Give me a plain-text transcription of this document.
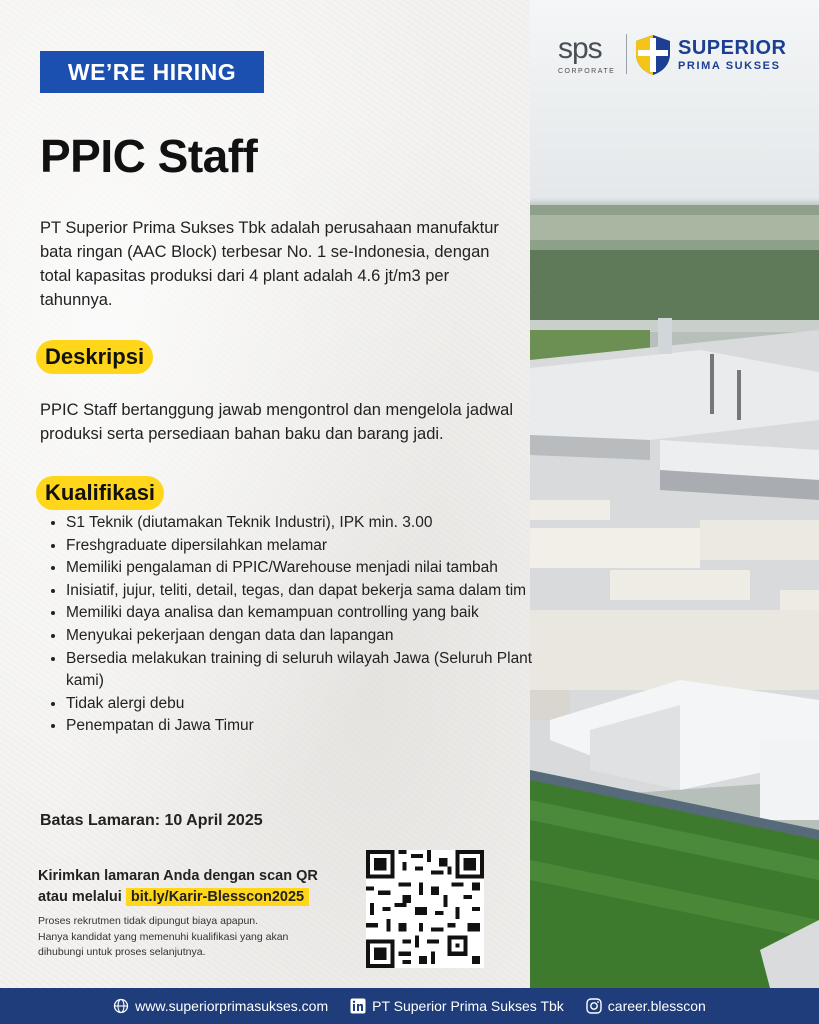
sps
CORPORATE
SUPERIOR
PRIMA SUKSES
WE’RE HIRING
PPIC Staff
PT Superior Prima Sukses Tbk adalah perusahaan manufaktur bata ringan (AAC Block) terbesar No. 1 se-Indonesia, dengan total kapasitas produksi dari 4 plant adalah 4.6 jt/m3 per tahunnya.
Deskripsi
PPIC Staff bertanggung jawab mengontrol dan mengelola jadwal produksi serta persediaan bahan baku dan barang jadi.
Kualifikasi
• S1 Teknik (diutamakan Teknik Industri), IPK min. 3.00
• Freshgraduate dipersilahkan melamar
• Memiliki pengalaman di PPIC/Warehouse menjadi nilai tambah
• Inisiatif, jujur, teliti, detail, tegas, dan dapat bekerja sama dalam tim
• Memiliki daya analisa dan kemampuan controlling yang baik
• Menyukai pekerjaan dengan data dan lapangan
• Bersedia melakukan training di seluruh wilayah Jawa (Seluruh Plant kami)
• Tidak alergi debu
• Penempatan di Jawa Timur
Batas Lamaran: 10 April 2025
Kirimkan lamaran Anda dengan scan QR
atau melalui bit.ly/Karir-Blesscon2025
Proses rekrutmen tidak dipungut biaya apapun.
Hanya kandidat yang memenuhi kualifikasi yang akan
dihubungi untuk proses selanjutnya.
www.superiorprimasukses.com	PT Superior Prima Sukses Tbk	career.blesscon
